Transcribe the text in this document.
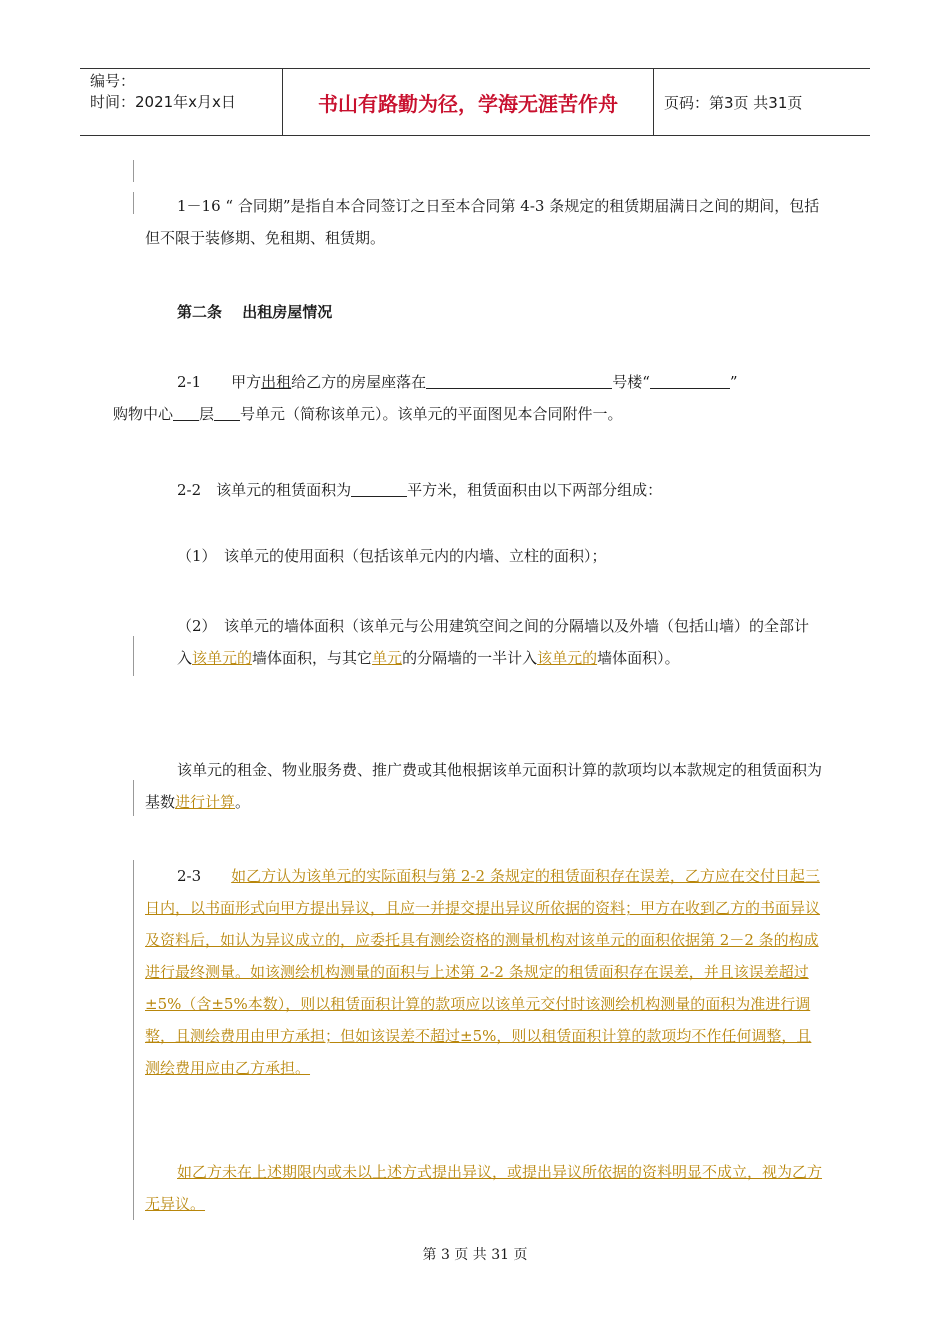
编号：
时间：2021年x月x日	书山有路勤为径，学海无涯苦作舟	页码：第3页 共31页

1－16 “ 合同期”是指自本合同签订之日至本合同第 4-3 条规定的租赁期届满日之间的期间，包括但不限于装修期、免租期、租赁期。

第二条　 出租房屋情况

2-1　　甲方出租给乙方的房屋座落在	号楼“	”
购物中心 层 号单元（简称该单元）。该单元的平面图见本合同附件一。

2-2　该单元的租赁面积为	平方米，租赁面积由以下两部分组成：

（1）　该单元的使用面积（包括该单元内的内墙、立柱的面积）；

（2）　该单元的墙体面积（该单元与公用建筑空间之间的分隔墙以及外墙（包括山墙）的全部计入该单元的墙体面积，与其它单元的分隔墙的一半计入该单元的墙体面积）。

该单元的租金、物业服务费、推广费或其他根据该单元面积计算的款项均以本款规定的租赁面积为基数进行计算。

2-3　　如乙方认为该单元的实际面积与第 2-2 条规定的租赁面积存在误差，乙方应在交付日起三日内，以书面形式向甲方提出异议，且应一并提交提出异议所依据的资料；甲方在收到乙方的书面异议及资料后，如认为异议成立的，应委托具有测绘资格的测量机构对该单元的面积依据第 2－2 条的构成进行最终测量。如该测绘机构测量的面积与上述第 2-2 条规定的租赁面积存在误差，并且该误差超过±5%（含±5%本数），则以租赁面积计算的款项应以该单元交付时该测绘机构测量的面积为准进行调整，且测绘费用由甲方承担；但如该误差不超过±5%，则以租赁面积计算的款项均不作任何调整，且测绘费用应由乙方承担。

如乙方未在上述期限内或未以上述方式提出异议，或提出异议所依据的资料明显不成立，视为乙方无异议。

第 3 页 共 31 页
